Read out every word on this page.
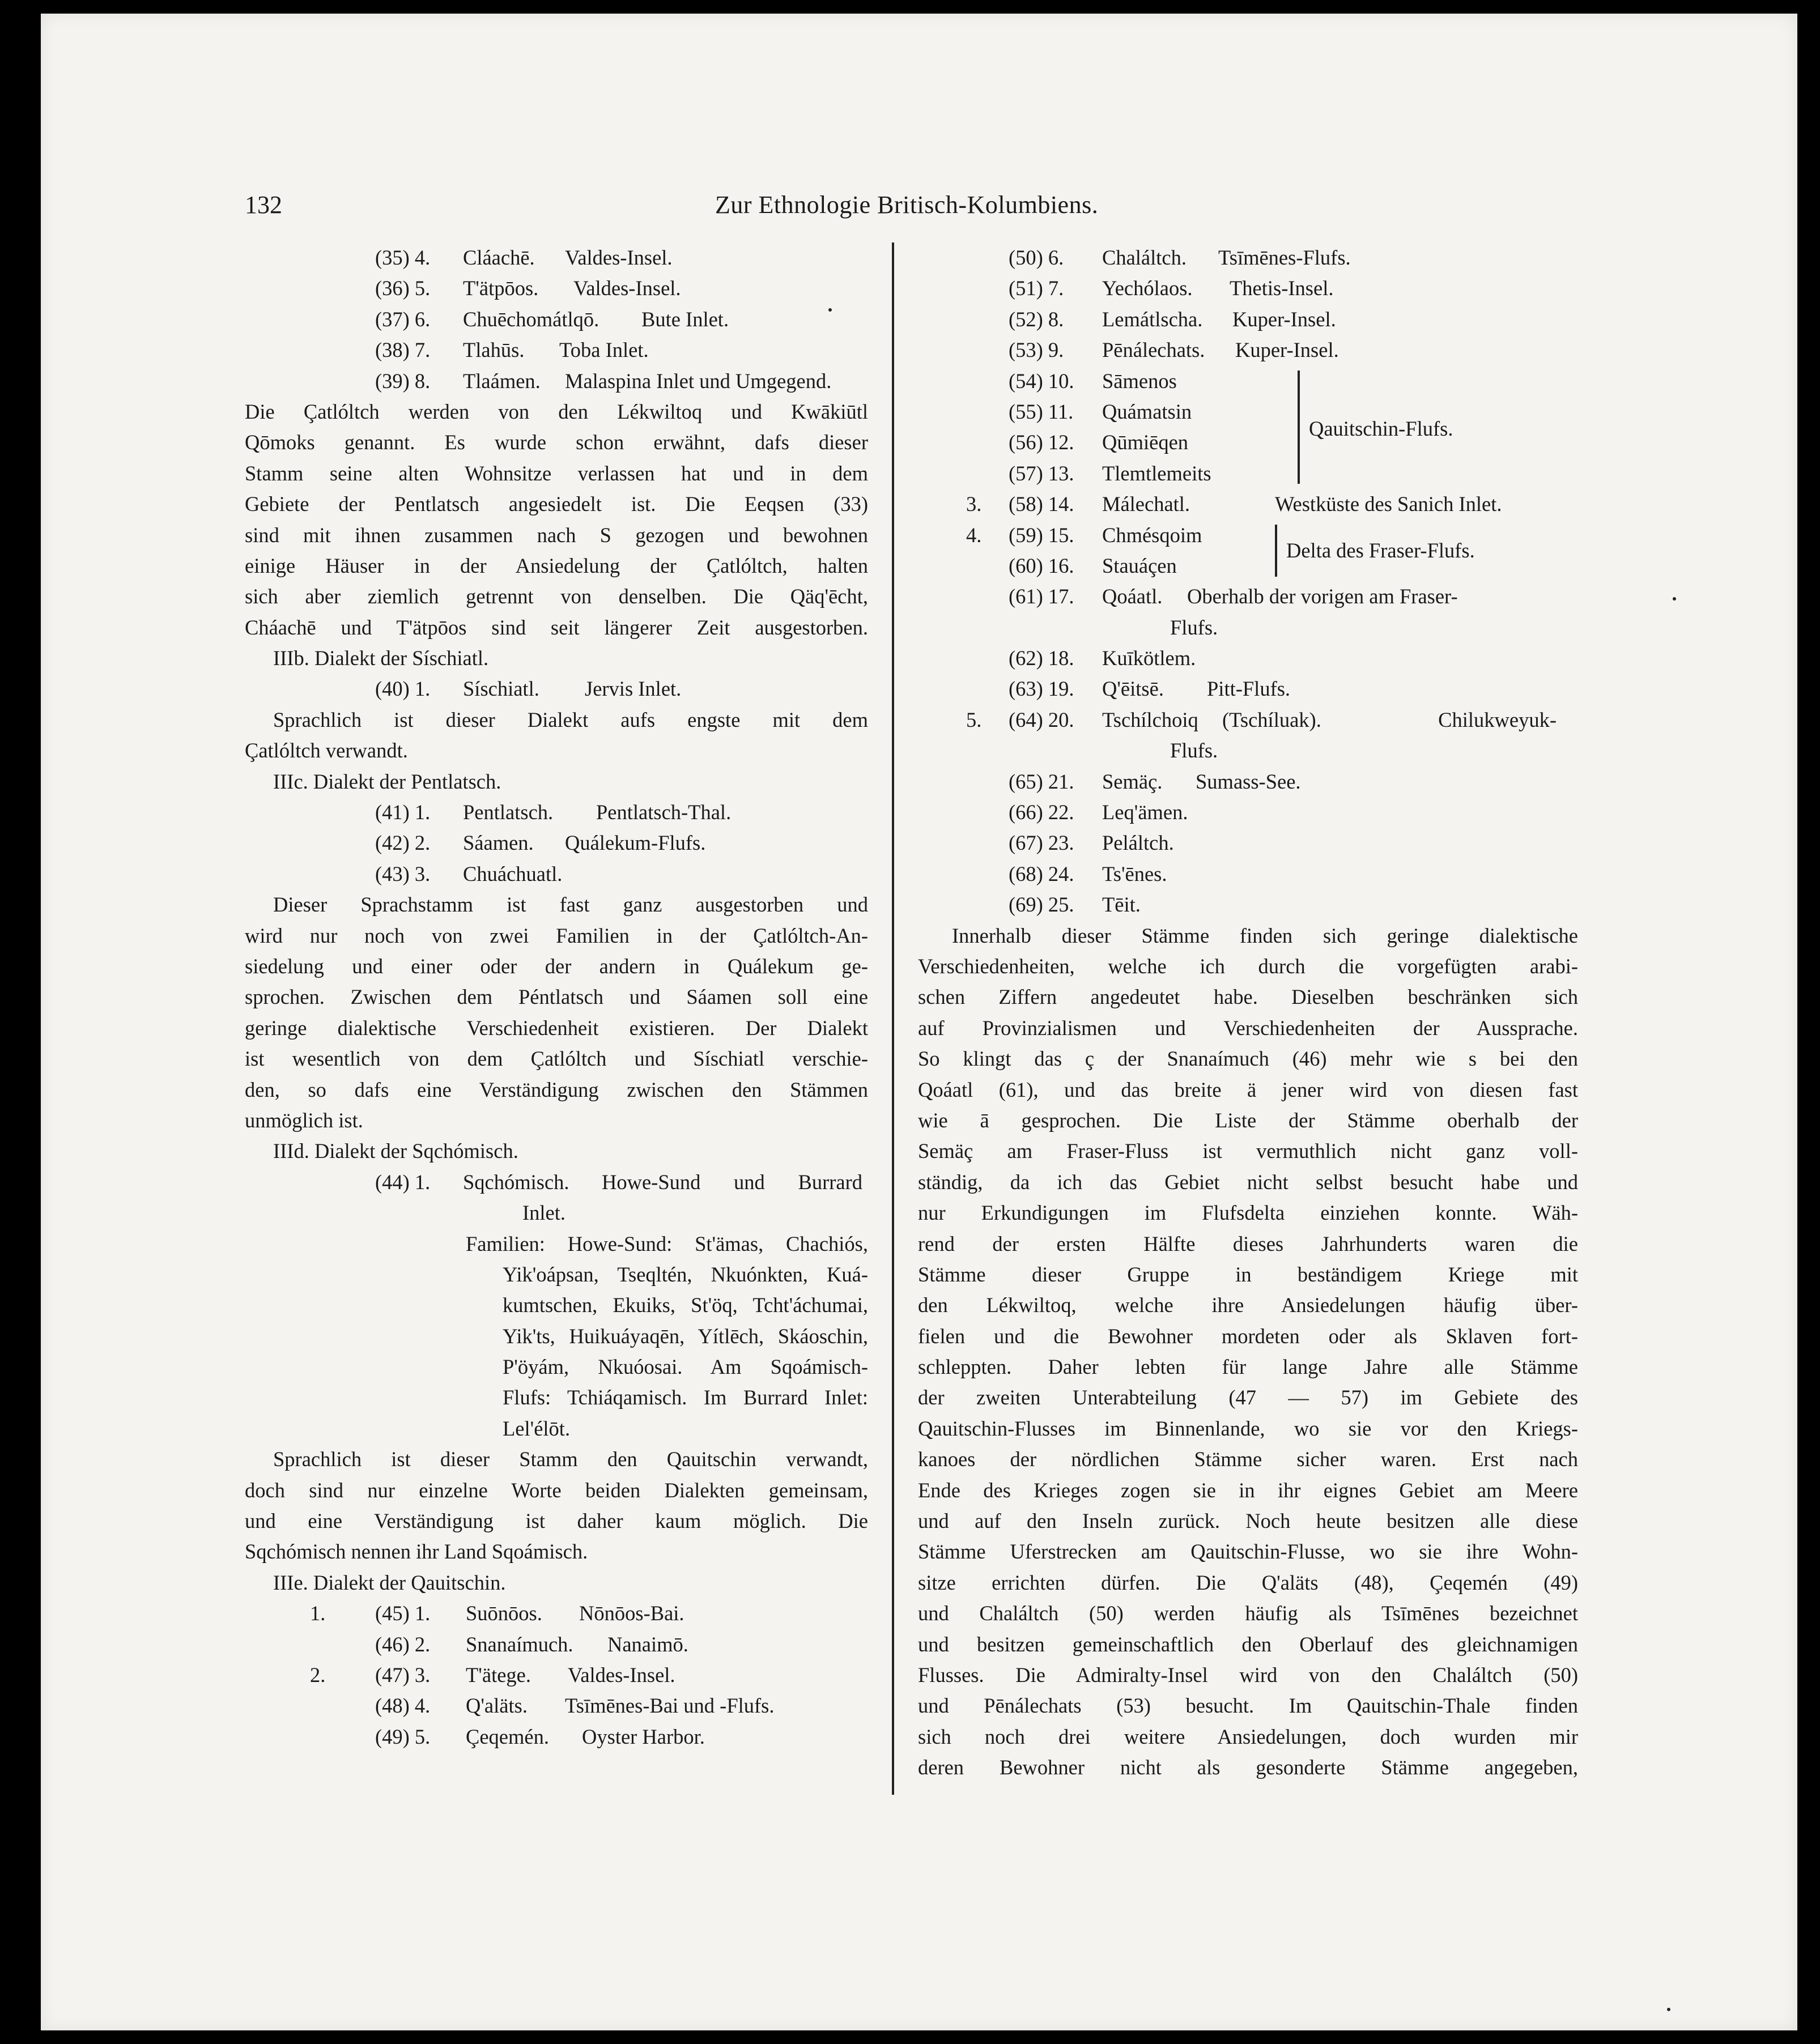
132	Zur Ethnologie Britisch-Kolumbiens.
(35) 4. Cláachē. Valdes-Insel.
(36) 5. T'ätpōos. Valdes-Insel.
(37) 6. Chuēchomátlqō. Bute Inlet.
(38) 7. Tlahūs. Toba Inlet.
(39) 8. Tlaámen. Malaspina Inlet und Umgegend.
Die Çatlóltch werden von den Lékwiltoq und Kwākiūtl
Qōmoks genannt. Es wurde schon erwähnt, dafs dieser
Stamm seine alten Wohnsitze verlassen hat und in dem
Gebiete der Pentlatsch angesiedelt ist. Die Eeqsen (33)
sind mit ihnen zusammen nach S gezogen und bewohnen
einige Häuser in der Ansiedelung der Çatlóltch, halten
sich aber ziemlich getrennt von denselben. Die Qäq'ēcht,
Cháachē und T'ätpōos sind seit längerer Zeit ausgestorben.
IIIb. Dialekt der Síschiatl.
(40) 1. Síschiatl. Jervis Inlet.
Sprachlich ist dieser Dialekt aufs engste mit dem
Çatlóltch verwandt.
IIIc. Dialekt der Pentlatsch.
(41) 1. Pentlatsch. Pentlatsch-Thal.
(42) 2. Sáamen. Quálekum-Flufs.
(43) 3. Chuáchuatl.
Dieser Sprachstamm ist fast ganz ausgestorben und
wird nur noch von zwei Familien in der Çatlóltch-An-
siedelung und einer oder der andern in Quálekum ge-
sprochen. Zwischen dem Péntlatsch und Sáamen soll eine
geringe dialektische Verschiedenheit existieren. Der Dialekt
ist wesentlich von dem Çatlóltch und Síschiatl verschie-
den, so dafs eine Verständigung zwischen den Stämmen
unmöglich ist.
IIId. Dialekt der Sqchómisch.
(44) 1. Sqchómisch. Howe-Sund und Burrard
Inlet.
Familien: Howe-Sund: St'ämas, Chachiós,
Yik'oápsan, Tseqltén, Nkuónkten, Kuá-
kumtschen, Ekuiks, St'öq, Tcht'áchumai,
Yik'ts, Huikuáyaqēn, Yítlēch, Skáoschin,
P'öyám, Nkuóosai. Am Sqoámisch-
Flufs: Tchiáqamisch. Im Burrard Inlet:
Lel'élōt.
Sprachlich ist dieser Stamm den Qauitschin verwandt,
doch sind nur einzelne Worte beiden Dialekten gemeinsam,
und eine Verständigung ist daher kaum möglich. Die
Sqchómisch nennen ihr Land Sqoámisch.
IIIe. Dialekt der Qauitschin.
1. (45) 1. Suōnōos. Nōnōos-Bai.
(46) 2. Snanaímuch. Nanaimō.
2. (47) 3. T'ätege. Valdes-Insel.
(48) 4. Q'aläts. Tsīmēnes-Bai und -Flufs.
(49) 5. Çeqemén. Oyster Harbor.
(50) 6. Chaláltch. Tsīmēnes-Flufs.
(51) 7. Yechólaos. Thetis-Insel.
(52) 8. Lemátlscha. Kuper-Insel.
(53) 9. Pēnálechats. Kuper-Insel.
(54) 10. Sāmenos
(55) 11. Quámatsin
(56) 12. Qūmiēqen
(57) 13. Tlemtlemeits
Qauitschin-Flufs.
3. (58) 14. Málechatl.	Westküste des Sanich Inlet.
4. (59) 15. Chmésqoim
(60) 16. Stauáçen
Delta des Fraser-Flufs.
(61) 17. Qoáatl. Oberhalb der vorigen am Fraser-
Flufs.
(62) 18. Kuīkötlem.
(63) 19. Q'ēitsē. Pitt-Flufs.
5. (64) 20. Tschílchoiq (Tschíluak). Chilukweyuk-
Flufs.
(65) 21. Semäç. Sumass-See.
(66) 22. Leq'ämen.
(67) 23. Peláltch.
(68) 24. Ts'ēnes.
(69) 25. Tēit.
Innerhalb dieser Stämme finden sich geringe dialektische
Verschiedenheiten, welche ich durch die vorgefügten arabi-
schen Ziffern angedeutet habe. Dieselben beschränken sich
auf Provinzialismen und Verschiedenheiten der Aussprache.
So klingt das ç der Snanaímuch (46) mehr wie s bei den
Qoáatl (61), und das breite ä jener wird von diesen fast
wie ā gesprochen. Die Liste der Stämme oberhalb der
Semäç am Fraser-Fluss ist vermuthlich nicht ganz voll-
ständig, da ich das Gebiet nicht selbst besucht habe und
nur Erkundigungen im Flufsdelta einziehen konnte. Wäh-
rend der ersten Hälfte dieses Jahrhunderts waren die
Stämme dieser Gruppe in beständigem Kriege mit
den Lékwiltoq, welche ihre Ansiedelungen häufig über-
fielen und die Bewohner mordeten oder als Sklaven fort-
schleppten. Daher lebten für lange Jahre alle Stämme
der zweiten Unterabteilung (47 — 57) im Gebiete des
Qauitschin-Flusses im Binnenlande, wo sie vor den Kriegs-
kanoes der nördlichen Stämme sicher waren. Erst nach
Ende des Krieges zogen sie in ihr eignes Gebiet am Meere
und auf den Inseln zurück. Noch heute besitzen alle diese
Stämme Uferstrecken am Qauitschin-Flusse, wo sie ihre Wohn-
sitze errichten dürfen. Die Q'aläts (48), Çeqemén (49)
und Chaláltch (50) werden häufig als Tsīmēnes bezeichnet
und besitzen gemeinschaftlich den Oberlauf des gleichnamigen
Flusses. Die Admiralty-Insel wird von den Chaláltch (50)
und Pēnálechats (53) besucht. Im Qauitschin-Thale finden
sich noch drei weitere Ansiedelungen, doch wurden mir
deren Bewohner nicht als gesonderte Stämme angegeben,
